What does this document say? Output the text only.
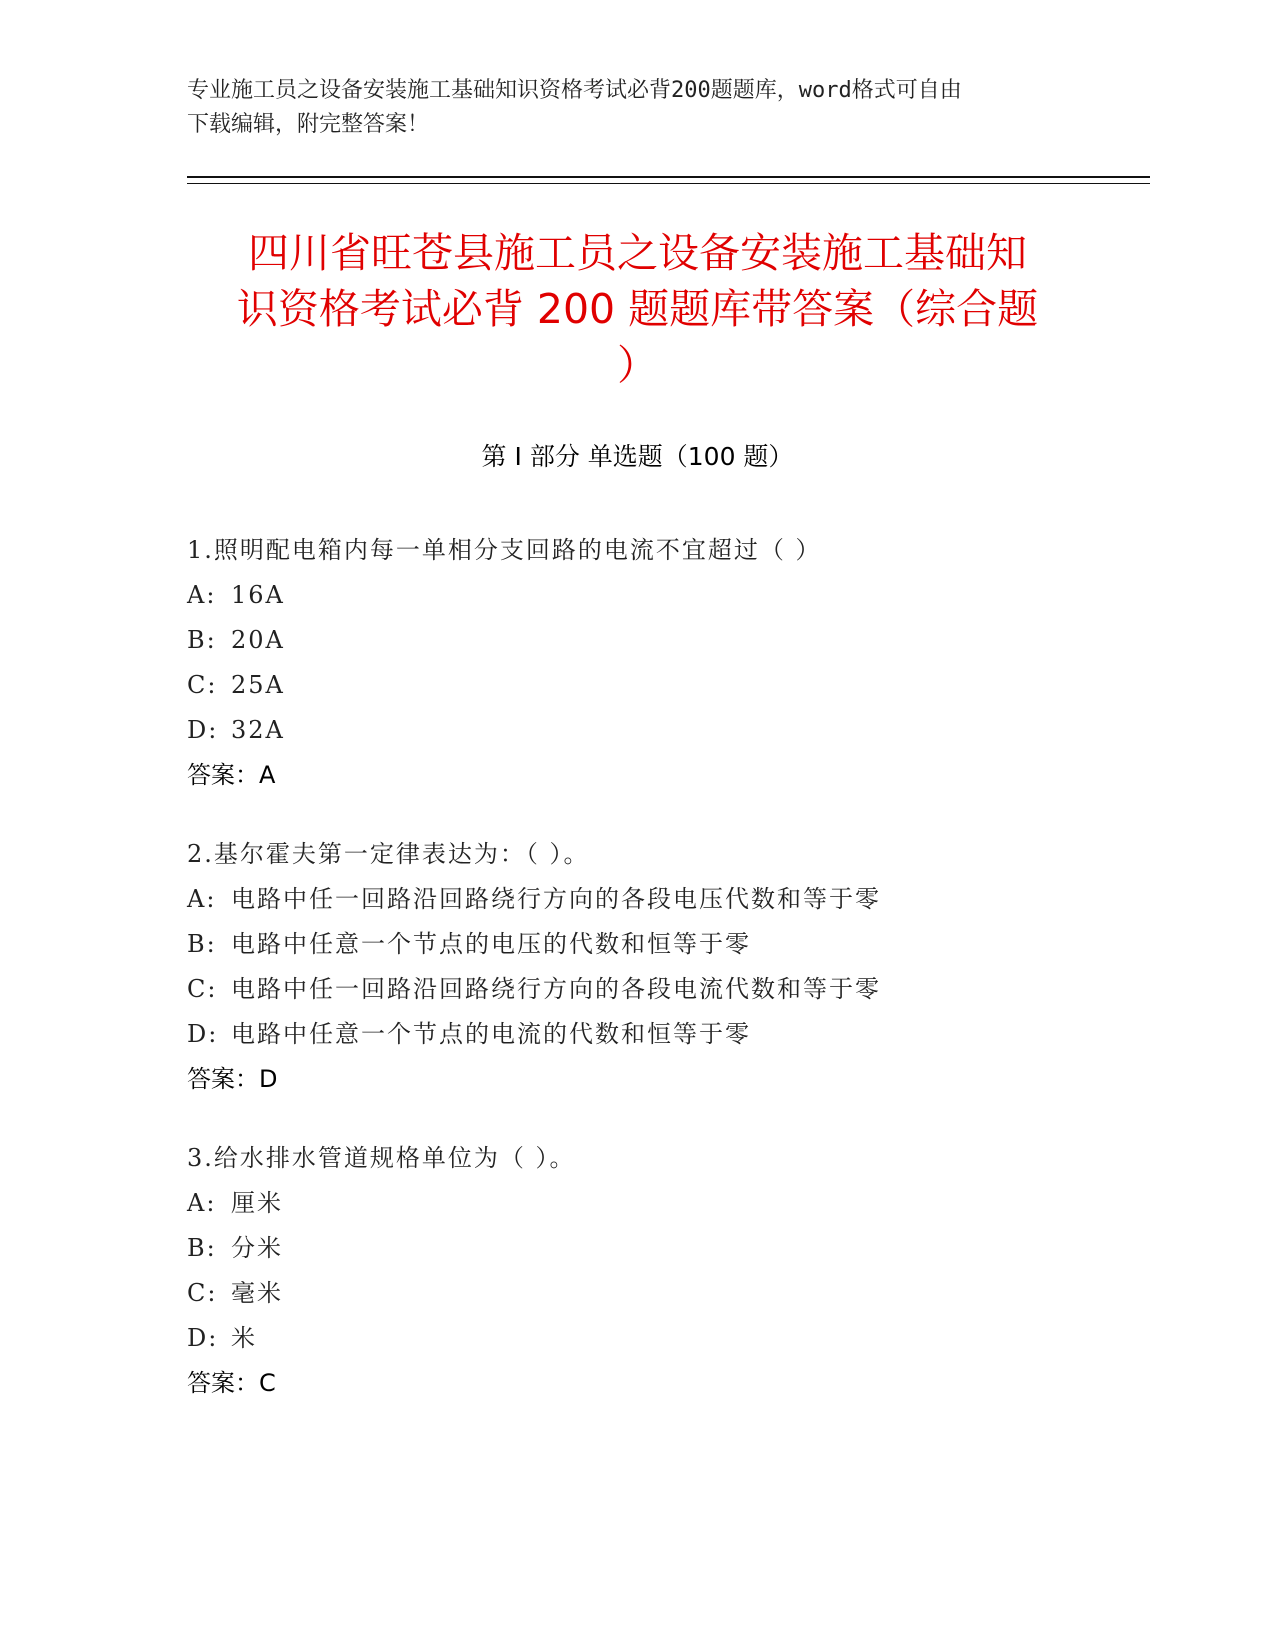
专业施工员之设备安装施工基础知识资格考试必背200题题库，word格式可自由
下载编辑，附完整答案！
四川省旺苍县施工员之设备安装施工基础知
识资格考试必背 200 题题库带答案（综合题
）
第 I 部分 单选题（100 题）
1.照明配电箱内每一单相分支回路的电流不宜超过（ ）
A: 16A
B: 20A
C: 25A
D: 32A
答案：A
2.基尔霍夫第一定律表达为：（ ）。
A: 电路中任一回路沿回路绕行方向的各段电压代数和等于零
B: 电路中任意一个节点的电压的代数和恒等于零
C: 电路中任一回路沿回路绕行方向的各段电流代数和等于零
D: 电路中任意一个节点的电流的代数和恒等于零
答案：D
3.给水排水管道规格单位为（ ）。
A: 厘米
B: 分米
C: 毫米
D: 米
答案：C
